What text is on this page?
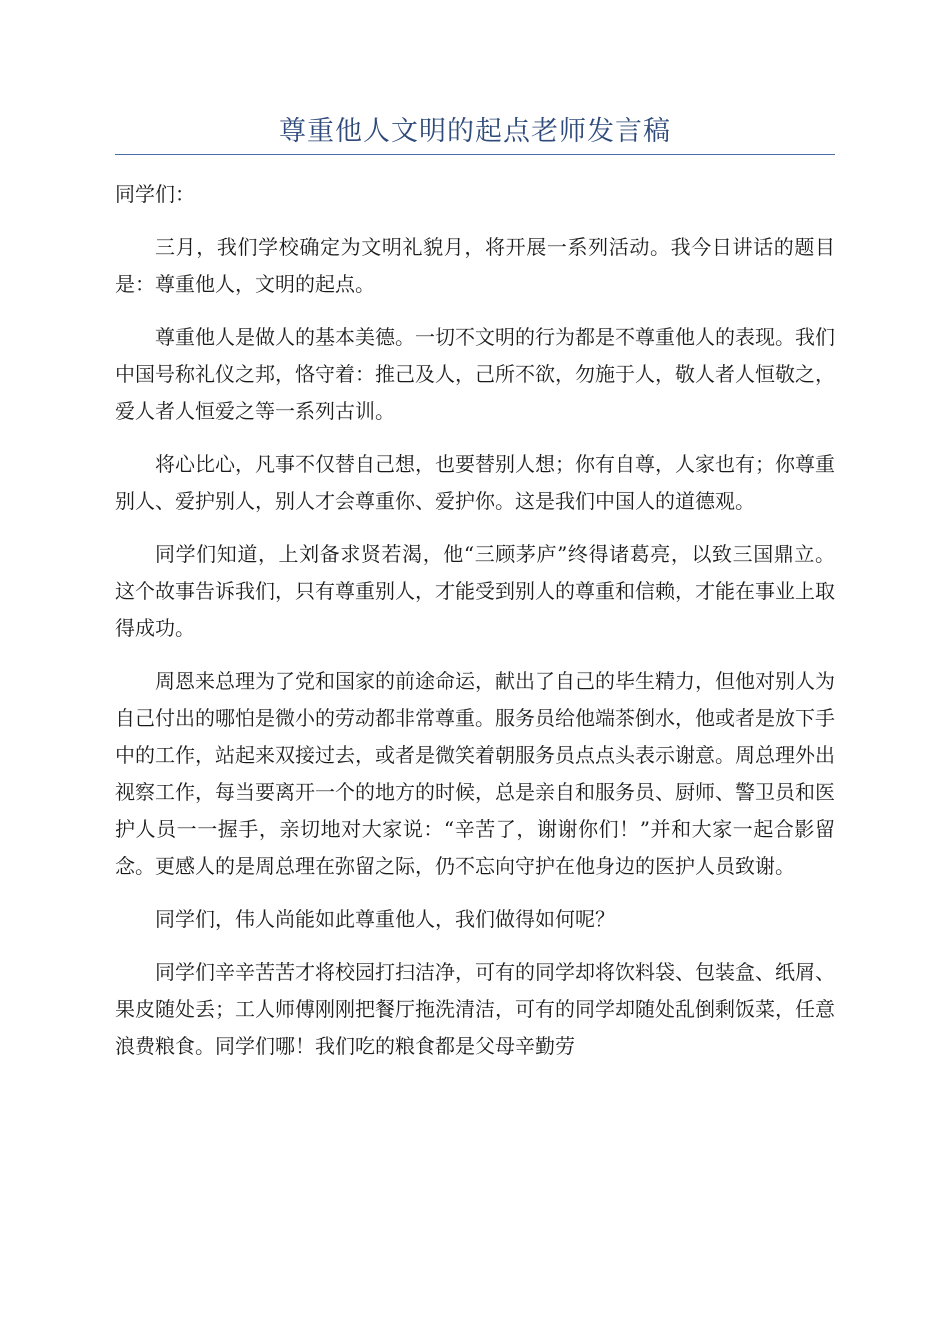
尊重他人文明的起点老师发言稿

同学们：

三月，我们学校确定为文明礼貌月，将开展一系列活动。我今日讲话的题目是：尊重他人，文明的起点。

尊重他人是做人的基本美德。一切不文明的行为都是不尊重他人的表现。我们中国号称礼仪之邦，恪守着：推己及人，己所不欲，勿施于人，敬人者人恒敬之，爱人者人恒爱之等一系列古训。

将心比心，凡事不仅替自己想，也要替别人想；你有自尊，人家也有；你尊重别人、爱护别人，别人才会尊重你、爱护你。这是我们中国人的道德观。

同学们知道，上刘备求贤若渴，他“三顾茅庐”终得诸葛亮，以致三国鼎立。这个故事告诉我们，只有尊重别人，才能受到别人的尊重和信赖，才能在事业上取得成功。

周恩来总理为了党和国家的前途命运，献出了自己的毕生精力，但他对别人为自己付出的哪怕是微小的劳动都非常尊重。服务员给他端茶倒水，他或者是放下手中的工作，站起来双接过去，或者是微笑着朝服务员点点头表示谢意。周总理外出视察工作，每当要离开一个的地方的时候，总是亲自和服务员、厨师、警卫员和医护人员一一握手，亲切地对大家说：“辛苦了，谢谢你们！”并和大家一起合影留念。更感人的是周总理在弥留之际，仍不忘向守护在他身边的医护人员致谢。

同学们，伟人尚能如此尊重他人，我们做得如何呢？

同学们辛辛苦苦才将校园打扫洁净，可有的同学却将饮料袋、包装盒、纸屑、果皮随处丢；工人师傅刚刚把餐厅拖洗清洁，可有的同学却随处乱倒剩饭菜，任意浪费粮食。同学们哪！我们吃的粮食都是父母辛勤劳
